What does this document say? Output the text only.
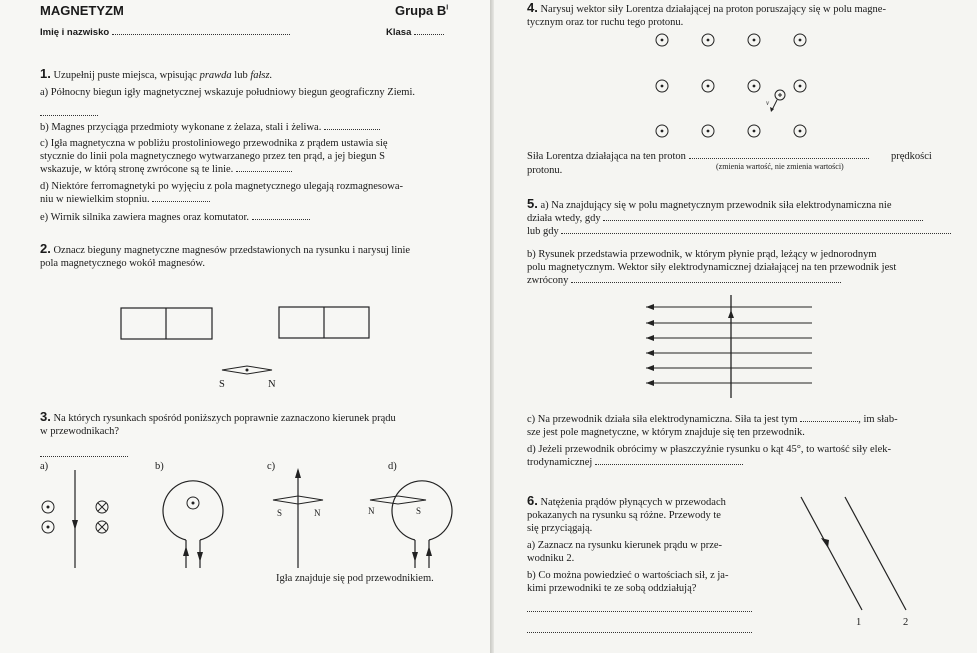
MAGNETYZM	Grupa $B^I$
Imię i nazwisko	Klasa
1. Uzupełnij puste miejsca, wpisując prawda lub fałsz.
a) Północny biegun igły magnetycznej wskazuje południowy biegun geograficzny Ziemi.
b) Magnes przyciąga przedmioty wykonane z żelaza, stali i żeliwa.
c) Igła magnetyczna w pobliżu prostoliniowego przewodnika z prądem ustawia się
stycznie do linii pola magnetycznego wytwarzanego przez ten prąd, a jej biegun S
wskazuje, w którą stronę zwrócone są te linie.
d) Niektóre ferromagnetyki po wyjęciu z pola magnetycznego ulegają rozmagnesowa-
niu w niewielkim stopniu.
e) Wirnik silnika zawiera magnes oraz komutator.
2. Oznacz bieguny magnetyczne magnesów przedstawionych na rysunku i narysuj linie
pola magnetycznego wokół magnesów.
S	N
3. Na których rysunkach spośród poniższych poprawnie zaznaczono kierunek prądu
w przewodnikach?
a)	b)	c)	d)
S	N	N	S
Igła znajduje się pod przewodnikiem.
4. Narysuj wektor siły Lorentza działającej na proton poruszający się w polu magne-
tycznym oraz tor ruchu tego protonu.
v
Siła Lorentza działająca na ten proton
(zmienia wartość, nie zmienia wartości)
prędkości
protonu.
5. a) Na znajdujący się w polu magnetycznym przewodnik siła elektrodynamiczna nie
działa wtedy, gdy
lub gdy
b) Rysunek przedstawia przewodnik, w którym płynie prąd, leżący w jednorodnym
polu magnetycznym. Wektor siły elektrodynamicznej działającej na ten przewodnik jest
zwrócony
c) Na przewodnik działa siła elektrodynamiczna. Siła ta jest tym	, im słab-
sze jest pole magnetyczne, w którym znajduje się ten przewodnik.
d) Jeżeli przewodnik obrócimy w płaszczyźnie rysunku o kąt 45°, to wartość siły elek-
trodynamicznej
6. Natężenia prądów płynących w przewodach
pokazanych na rysunku są różne. Przewody te
się przyciągają.
a) Zaznacz na rysunku kierunek prądu w prze-
wodniku 2.
b) Co można powiedzieć o wartościach sił, z ja-
kimi przewodniki te ze sobą oddziałują?
1	2
